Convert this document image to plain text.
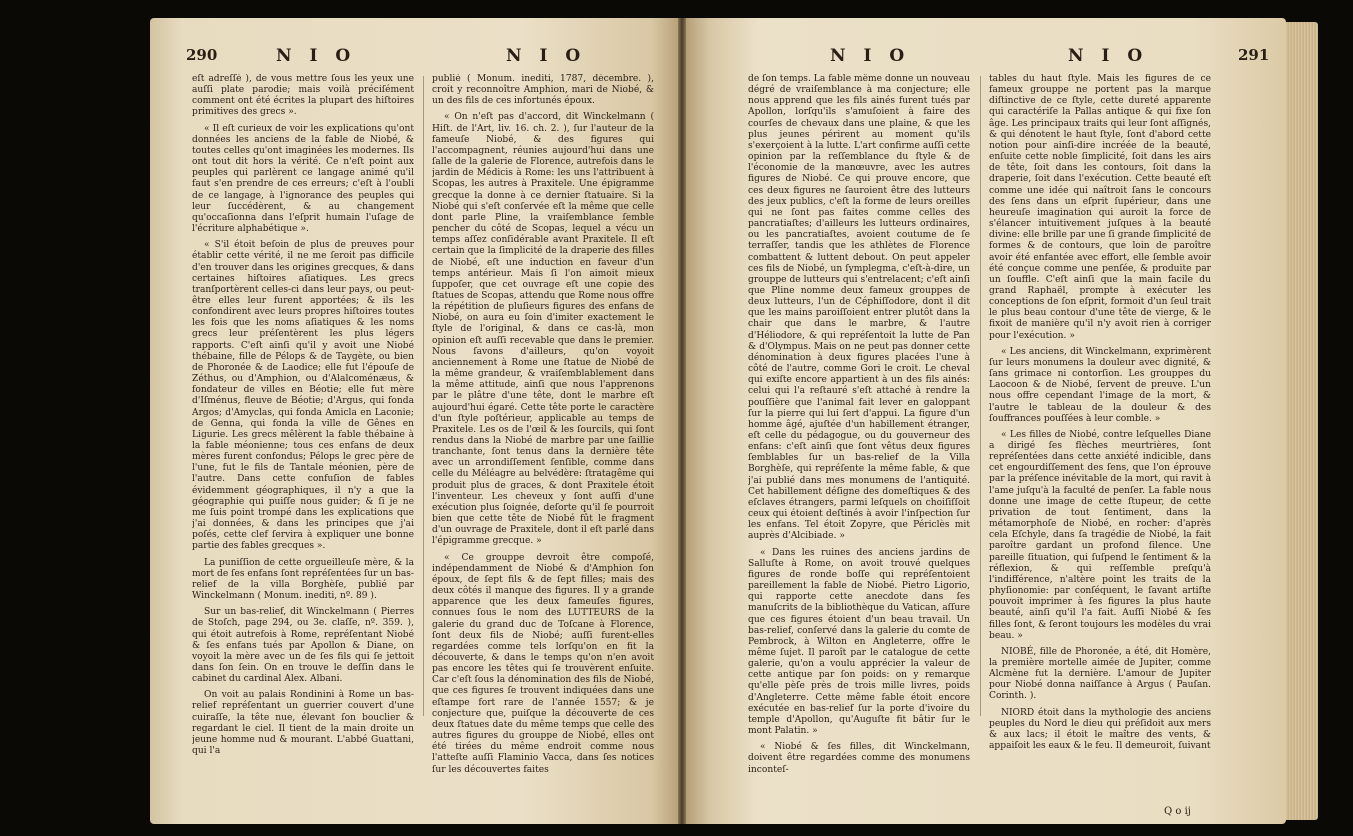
290	N I O	N I O

eſt adreſſé ), de vous mettre ſous les yeux une auſſi plate parodie; mais voilà préciſément comment ont été écrites la plupart des hiſtoires primitives des grecs ».

« Il eſt curieux de voir les explications qu'ont données les anciens de la fable de Niobé, & toutes celles qu'ont imaginées les modernes. Ils ont tout dit hors la vérité. Ce n'eſt point aux peuples qui parlèrent ce langage animé qu'il faut s'en prendre de ces erreurs; c'eſt à l'oubli de ce langage, à l'ignorance des peuples qui leur ſuccédèrent, & au changement qu'occaſionna dans l'eſprit humain l'uſage de l'écriture alphabétique ».

« S'il étoit beſoin de plus de preuves pour établir cette vérité, il ne me ſeroit pas difficile d'en trouver dans les origines grecques, & dans certaines hiſtoires aſiatiques. Les grecs tranſportèrent celles-ci dans leur pays, ou peut-être elles leur furent apportées; & ils les confondirent avec leurs propres hiſtoires toutes les fois que les noms aſiatiques & les noms grecs leur préſentèrent les plus légers rapports. C'eſt ainſi qu'il y avoit une Niobé thébaine, fille de Pélops & de Taygète, ou bien de Phoronée & de Laodice; elle fut l'épouſe de Zéthus, ou d'Amphion, ou d'Alalcoménæus, & fondateur de villes en Béotie; elle fut mère d'Iſménus, fleuve de Béotie; d'Argus, qui fonda Argos; d'Amyclas, qui fonda Amicla en Laconie; de Genna, qui fonda la ville de Gênes en Ligurie. Les grecs mêlèrent la fable thébaine à la fable méonienne; tous ces enfans de deux mères furent confondus; Pélops le grec père de l'une, fut le fils de Tantale méonien, père de l'autre. Dans cette confuſion de fables évidemment géographiques, il n'y a que la géographie qui puiſſe nous guider; & ſi je ne me ſuis point trompé dans les explications que j'ai données, & dans les principes que j'ai poſés, cette clef ſervira à expliquer une bonne partie des fables grecques ».

La puniſſion de cette orgueilleuſe mère, & la mort de ſes enfans ſont repréſentées ſur un bas-relief de la villa Borghèſe, publié par Winckelmann ( Monum. inediti, nº. 89 ).

Sur un bas-relief, dit Winckelmann ( Pierres de Stoſch, page 294, ou 3e. claſſe, nº. 359. ), qui étoit autrefois à Rome, repréſentant Niobé & ſes enfans tués par Apollon & Diane, on voyoit la mère avec un de ſes fils qui ſe jettoit dans ſon ſein. On en trouve le deſſin dans le cabinet du cardinal Alex. Albani.

On voit au palais Rondinini à Rome un bas-relief repréſentant un guerrier couvert d'une cuiraſſe, la tête nue, élevant ſon bouclier & regardant le ciel. Il tient de la main droite un jeune homme nud & mourant. L'abbé Guattani, qui l'a

publié ( Monum. inediti, 1787, décembre. ), croit y reconnoître Amphion, mari de Niobé, & un des fils de ces infortunés époux.

« On n'eſt pas d'accord, dit Winckelmann ( Hiſt. de l'Art, liv. 16. ch. 2. ), ſur l'auteur de la fameuſe Niobé, & des figures qui l'accompagnent, réunies aujourd'hui dans une ſalle de la galerie de Florence, autrefois dans le jardin de Médicis à Rome: les uns l'attribuent à Scopas, les autres à Praxitele. Une épigramme grecque la donne à ce dernier ſtatuaire. Si la Niobé qui s'eſt conſervée eſt la même que celle dont parle Pline, la vraiſemblance ſemble pencher du côté de Scopas, lequel a vécu un temps aſſez conſidérable avant Praxitele. Il eſt certain que la ſimplicité de la draperie des filles de Niobé, eſt une induction en faveur d'un temps antérieur. Mais ſi l'on aimoit mieux ſuppoſer, que cet ouvrage eſt une copie des ſtatues de Scopas, attendu que Rome nous offre la répétition de pluſieurs figures des enfans de Niobé, on aura eu ſoin d'imiter exactement le ſtyle de l'original, & dans ce cas-là, mon opinion eſt auſſi recevable que dans le premier. Nous ſavons d'ailleurs, qu'on voyoit anciennement à Rome une ſtatue de Niobé de la même grandeur, & vraiſemblablement dans la même attitude, ainſi que nous l'apprenons par le plâtre d'une tête, dont le marbre eſt aujourd'hui égaré. Cette tête porte le caractère d'un ſtyle poſtérieur, applicable au temps de Praxitele. Les os de l'œil & les ſourcils, qui ſont rendus dans la Niobé de marbre par une ſaillie tranchante, ſont tenus dans la dernière tête avec un arrondiſſement ſenſible, comme dans celle du Méléagre au belvédère: ſtratagême qui produit plus de graces, & dont Praxitele étoit l'inventeur. Les cheveux y ſont auſſi d'une exécution plus ſoignée, deſorte qu'il ſe pourroit bien que cette tête de Niobé fût le fragment d'un ouvrage de Praxitele, dont il eſt parlé dans l'épigramme grecque. »

« Ce grouppe devroit être compoſé, indépendamment de Niobé & d'Amphion ſon époux, de ſept fils & de ſept filles; mais des deux côtés il manque des figures. Il y a grande apparence que les deux fameuſes figures, connues ſous le nom des LUTTEURS de la galerie du grand duc de Toſcane à Florence, ſont deux fils de Niobé; auſſi furent-elles regardées comme tels lorſqu'on en fit la découverte, & dans le temps qu'on n'en avoit pas encore les têtes qui ſe trouvèrent enſuite. Car c'eſt ſous la dénomination des fils de Niobé, que ces figures ſe trouvent indiquées dans une eſtampe fort rare de l'année 1557; & je conjecture que, puiſque la découverte de ces deux ſtatues date du même temps que celle des autres figures du grouppe de Niobé, elles ont été tirées du même endroit comme nous l'atteſte auſſi Flaminio Vacca, dans ſes notices ſur les découvertes faites

N I O	N I O	291

de ſon temps. La fable même donne un nouveau dégré de vraiſemblance à ma conjecture; elle nous apprend que les fils ainés furent tués par Apollon, lorſqu'ils s'amuſoient à faire des courſes de chevaux dans une plaine, & que les plus jeunes périrent au moment qu'ils s'exerçoient à la lutte. L'art confirme auſſi cette opinion par la reſſemblance du ſtyle & de l'économie de la manœuvre, avec les autres figures de Niobé. Ce qui prouve encore, que ces deux figures ne ſauroient être des lutteurs des jeux publics, c'eſt la forme de leurs oreilles qui ne ſont pas faites comme celles des pancratiaſtes; d'ailleurs les lutteurs ordinaires, ou les pancratiaſtes, avoient coutume de ſe terraſſer, tandis que les athlètes de Florence combattent & luttent debout. On peut appeler ces fils de Niobé, un ſymplegma, c'eſt-à-dire, un grouppe de lutteurs qui s'entrelacent; c'eſt ainſi que Pline nomme deux fameux grouppes de deux lutteurs, l'un de Céphiſſodore, dont il dit que les mains paroiſſoient entrer plutôt dans la chair que dans le marbre, & l'autre d'Héliodore, & qui repréſentoit la lutte de Pan & d'Olympus. Mais on ne peut pas donner cette dénomination à deux figures placées l'une à côté de l'autre, comme Gori le croit. Le cheval qui exiſte encore appartient à un des fils ainés: celui qui l'a reſtauré s'eſt attaché à rendre la pouſſière que l'animal fait lever en galoppant ſur la pierre qui lui ſert d'appui. La figure d'un homme âgé, ajuſtée d'un habillement étranger, eſt celle du pédagogue, ou du gouverneur des enfans: c'eſt ainſi que ſont vêtus deux figures ſemblables ſur un bas-relief de la Villa Borghèſe, qui repréſente la même fable, & que j'ai publié dans mes monumens de l'antiquité. Cet habillement déſigne des domeſtiques & des eſclaves étrangers, parmi leſquels on choiſiſſoit ceux qui étoient deſtinés à avoir l'inſpection ſur les enfans. Tel étoit Zopyre, que Périclès mit auprès d'Alcibiade. »

« Dans les ruines des anciens jardins de Salluſte à Rome, on avoit trouvé quelques figures de ronde boſſe qui repréſentoient pareillement la fable de Niobé. Pietro Ligorio, qui rapporte cette anecdote dans ſes manuſcrits de la bibliothèque du Vatican, aſſure que ces figures étoient d'un beau travail. Un bas-relief, conſervé dans la galerie du comte de Pembrock, à Wilton en Angleterre, offre le même ſujet. Il paroît par le catalogue de cette galerie, qu'on a voulu apprécier la valeur de cette antique par ſon poids: on y remarque qu'elle pèſe près de trois mille livres, poids d'Angleterre. Cette même fable étoit encore exécutée en bas-relief ſur la porte d'ivoire du temple d'Apollon, qu'Auguſte fit bâtir ſur le mont Palatin. »

« Niobé & ſes filles, dit Winckelmann, doivent être regardées comme des monumens inconteſ-

tables du haut ſtyle. Mais les figures de ce fameux grouppe ne portent pas la marque diſtinctive de ce ſtyle, cette dureté apparente qui caractériſe la Pallas antique & qui fixe ſon âge. Les principaux traits qui leur ſont aſſignés, & qui dénotent le haut ſtyle, ſont d'abord cette notion pour ainſi-dire incréée de la beauté, enſuite cette noble ſimplicité, ſoit dans les airs de tête, ſoit dans les contours, ſoit dans la draperie, ſoit dans l'exécution. Cette beauté eſt comme une idée qui naîtroit ſans le concours des ſens dans un eſprit ſupérieur, dans une heureuſe imagination qui auroit la force de s'élancer intuitivement juſques à la beauté divine: elle brille par une ſi grande ſimplicité de formes & de contours, que loin de paroître avoir été enfantée avec effort, elle ſemble avoir été conçue comme une penſée, & produite par un ſouffle. C'eſt ainſi que la main facile du grand Raphaël, prompte à exécuter les conceptions de ſon eſprit, formoit d'un ſeul trait le plus beau contour d'une tête de vierge, & le fixoit de manière qu'il n'y avoit rien à corriger pour l'exécution. »

« Les anciens, dit Winckelmann, exprimèrent ſur leurs monumens la douleur avec dignité, & ſans grimace ni contorſion. Les grouppes du Laocoon & de Niobé, ſervent de preuve. L'un nous offre cependant l'image de la mort, & l'autre le tableau de la douleur & des ſouffrances pouſſées à leur comble. »

« Les filles de Niobé, contre leſquelles Diane a dirigé ſes flèches meurtrières, ſont repréſentées dans cette anxiété indicible, dans cet engourdiſſement des ſens, que l'on éprouve par la préſence inévitable de la mort, qui ravit à l'ame juſqu'à la faculté de penſer. La fable nous donne une image de cette ſtupeur, de cette privation de tout ſentiment, dans la métamorphoſe de Niobé, en rocher: d'après cela Eſchyle, dans ſa tragédie de Niobé, la fait paroître gardant un profond ſilence. Une pareille ſituation, qui ſuſpend le ſentiment & la réflexion, & qui reſſemble preſqu'à l'indifférence, n'altère point les traits de la phyſionomie: par conſéquent, le ſavant artiſte pouvoit imprimer à ſes figures la plus haute beauté, ainſi qu'il l'a fait. Auſſi Niobé & ſes filles ſont, & ſeront toujours les modèles du vrai beau. »

NIOBÉ, fille de Phoronée, a été, dit Homère, la première mortelle aimée de Jupiter, comme Alcmène fut la dernière. L'amour de Jupiter pour Niobé donna naiſſance à Argus ( Pauſan. Corinth. ).

NIORD étoit dans la mythologie des anciens peuples du Nord le dieu qui préſidoit aux mers & aux lacs; il étoit le maître des vents, & appaiſoit les eaux & le feu. Il demeuroit, ſuivant

Q o ij
